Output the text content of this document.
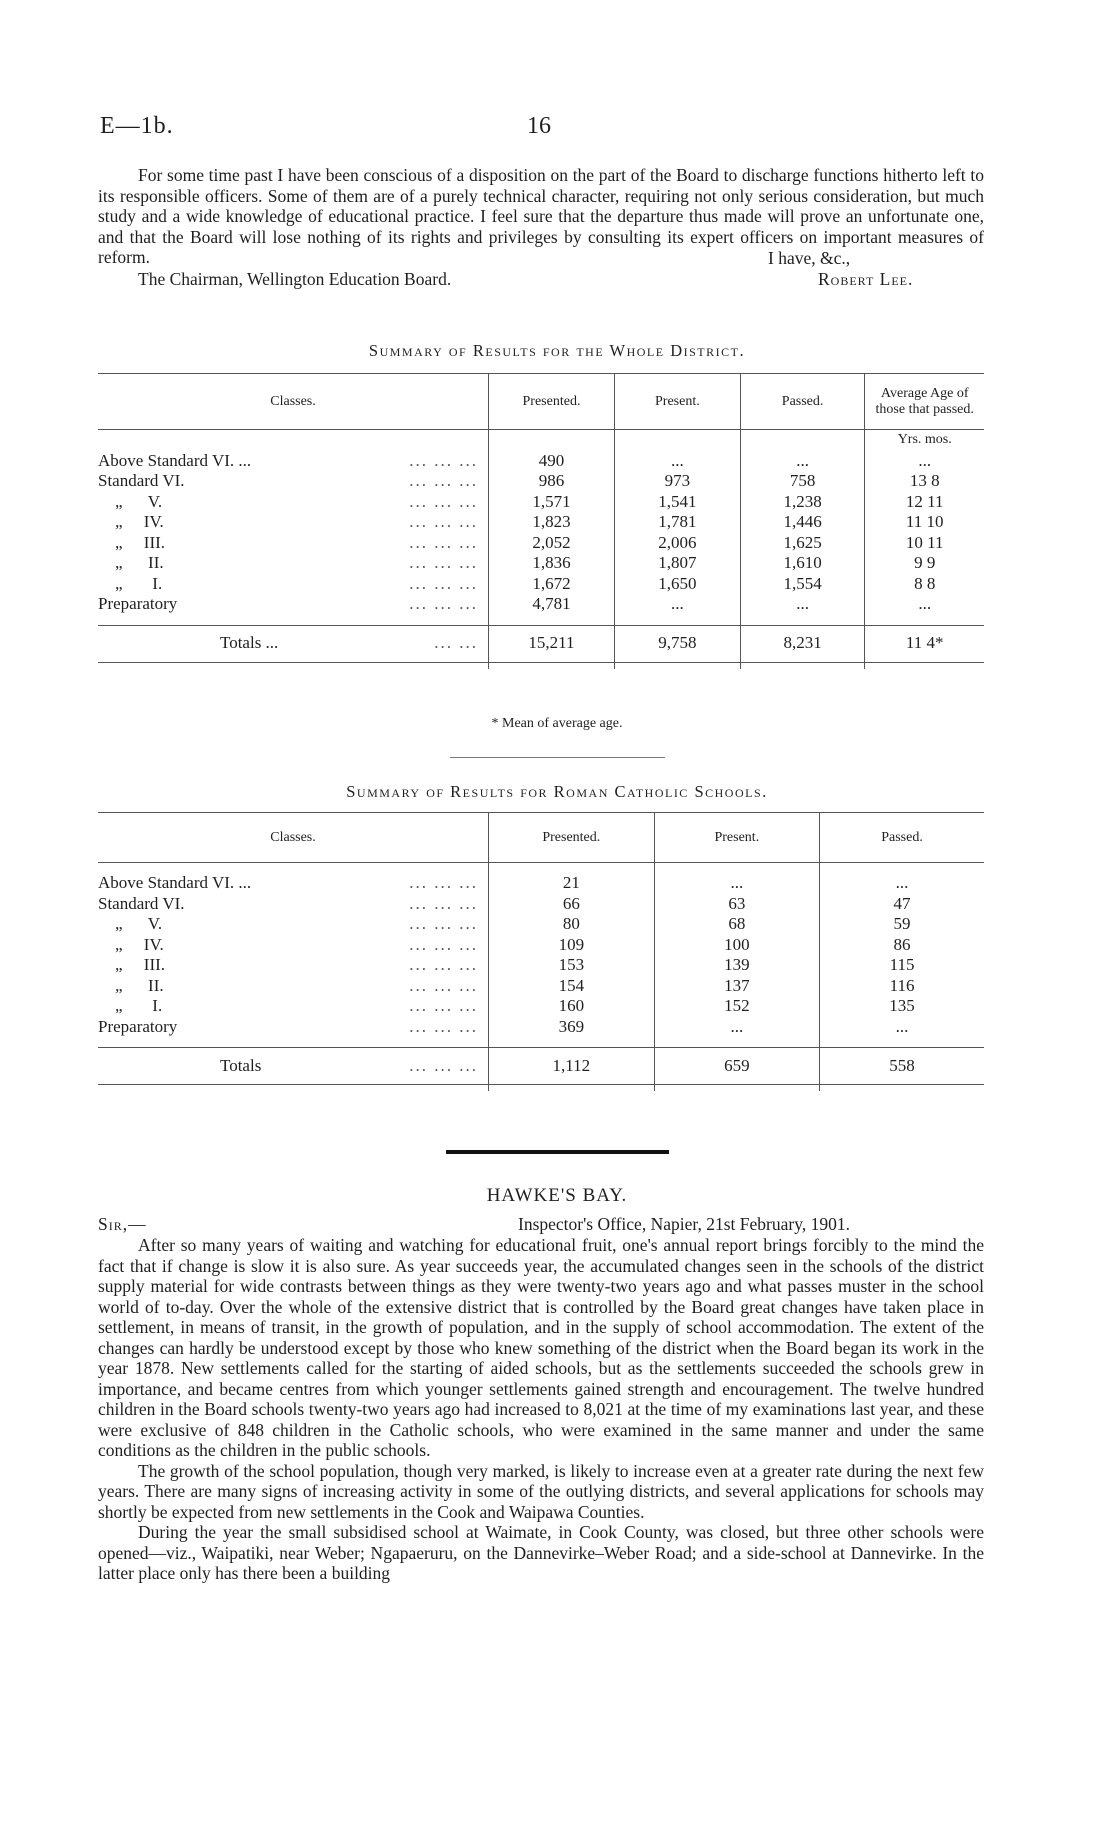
E—1b.	16

For some time past I have been conscious of a disposition on the part of the Board to discharge functions hitherto left to its responsible officers. Some of them are of a purely technical character, requiring not only serious consideration, but much study and a wide knowledge of educational practice. I feel sure that the departure thus made will prove an unfortunate one, and that the Board will lose nothing of its rights and privileges by consulting its expert officers on important measures of reform.	I have, &c.,
The Chairman, Wellington Education Board.	Robert Lee.
Summary of Results for the Whole District.
Classes.	Presented.	Present.	Passed.	Average Age of those that passed.
				Yrs. mos.

Above Standard VI. ... ... ... ...	490	...	...	...

Standard VI. ... ... ...	986	973	758	13 8

„      V. ... ... ...	1,571	1,541	1,238	12 11

„     IV. ... ... ...	1,823	1,781	1,446	11 10

„     III. ... ... ...	2,052	2,006	1,625	10 11

„      II. ... ... ...	1,836	1,807	1,610	9 9

„       I. ... ... ...	1,672	1,650	1,554	8 8

Preparatory ... ... ...	4,781	...	...	...

Totals ... ... ...	15,211	9,758	8,231	11 4*

* Mean of average age.
Summary of Results for Roman Catholic Schools.
Classes.	Presented.	Present.	Passed.

Above Standard VI. ... ... ... ...	21	...	...

Standard VI. ... ... ...	66	63	47

„      V. ... ... ...	80	68	59

„     IV. ... ... ...	109	100	86

„     III. ... ... ...	153	139	115

„      II. ... ... ...	154	137	116

„       I. ... ... ...	160	152	135

Preparatory ... ... ...	369	...	...

Totals ... ... ...	1,112	659	558

HAWKE'S BAY.
Sir,—	Inspector's Office, Napier, 21st February, 1901.

After so many years of waiting and watching for educational fruit, one's annual report brings forcibly to the mind the fact that if change is slow it is also sure. As year succeeds year, the accumulated changes seen in the schools of the district supply material for wide contrasts between things as they were twenty-two years ago and what passes muster in the school world of to-day. Over the whole of the extensive district that is controlled by the Board great changes have taken place in settlement, in means of transit, in the growth of population, and in the supply of school accommodation. The extent of the changes can hardly be understood except by those who knew something of the district when the Board began its work in the year 1878. New settlements called for the starting of aided schools, but as the settlements succeeded the schools grew in importance, and became centres from which younger settlements gained strength and encouragement. The twelve hundred children in the Board schools twenty-two years ago had increased to 8,021 at the time of my examinations last year, and these were exclusive of 848 children in the Catholic schools, who were examined in the same manner and under the same conditions as the children in the public schools.

The growth of the school population, though very marked, is likely to increase even at a greater rate during the next few years. There are many signs of increasing activity in some of the outlying districts, and several applications for schools may shortly be expected from new settlements in the Cook and Waipawa Counties.

During the year the small subsidised school at Waimate, in Cook County, was closed, but three other schools were opened—viz., Waipatiki, near Weber; Ngapaeruru, on the Dannevirke–Weber Road; and a side-school at Dannevirke. In the latter place only has there been a building
